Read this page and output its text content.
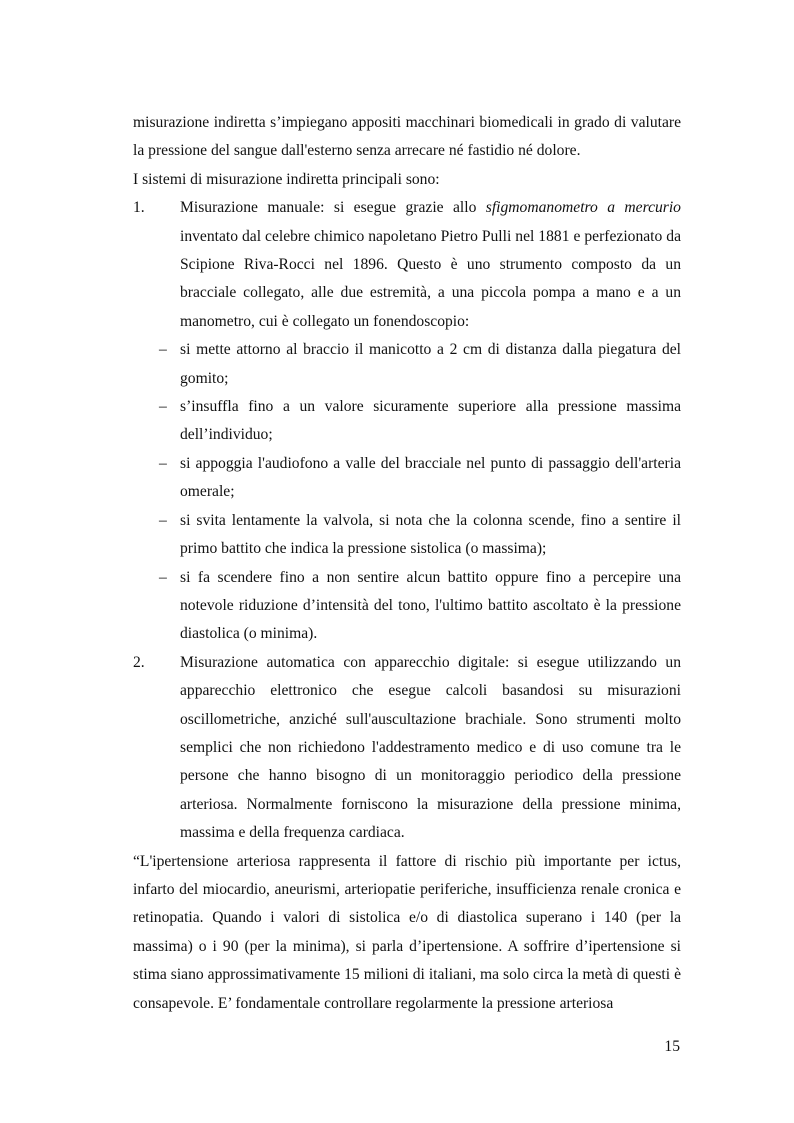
misurazione indiretta s’impiegano appositi macchinari biomedicali in grado di valutare la pressione del sangue dall'esterno senza arrecare né fastidio né dolore.

I sistemi di misurazione indiretta principali sono:

1. Misurazione manuale: si esegue grazie allo sfigmomanometro a mercurio inventato dal celebre chimico napoletano Pietro Pulli nel 1881 e perfezionato da Scipione Riva-Rocci nel 1896. Questo è uno strumento composto da un bracciale collegato, alle due estremità, a una piccola pompa a mano e a un manometro, cui è collegato un fonendoscopio:
– si mette attorno al braccio il manicotto a 2 cm di distanza dalla piegatura del gomito;
– s’insuffla fino a un valore sicuramente superiore alla pressione massima dell’individuo;
– si appoggia l'audiofono a valle del bracciale nel punto di passaggio dell'arteria omerale;
– si svita lentamente la valvola, si nota che la colonna scende, fino a sentire il primo battito che indica la pressione sistolica (o massima);
– si fa scendere fino a non sentire alcun battito oppure fino a percepire una notevole riduzione d’intensità del tono, l'ultimo battito ascoltato è la pressione diastolica (o minima).
2. Misurazione automatica con apparecchio digitale: si esegue utilizzando un apparecchio elettronico che esegue calcoli basandosi su misurazioni oscillometriche, anziché sull'auscultazione brachiale. Sono strumenti molto semplici che non richiedono l'addestramento medico e di uso comune tra le persone che hanno bisogno di un monitoraggio periodico della pressione arteriosa. Normalmente forniscono la misurazione della pressione minima, massima e della frequenza cardiaca.

“L'ipertensione arteriosa rappresenta il fattore di rischio più importante per ictus, infarto del miocardio, aneurismi, arteriopatie periferiche, insufficienza renale cronica e retinopatia. Quando i valori di sistolica e/o di diastolica superano i 140 (per la massima) o i 90 (per la minima), si parla d’ipertensione. A soffrire d’ipertensione si stima siano approssimativamente 15 milioni di italiani, ma solo circa la metà di questi è consapevole. E’ fondamentale controllare regolarmente la pressione arteriosa

15
